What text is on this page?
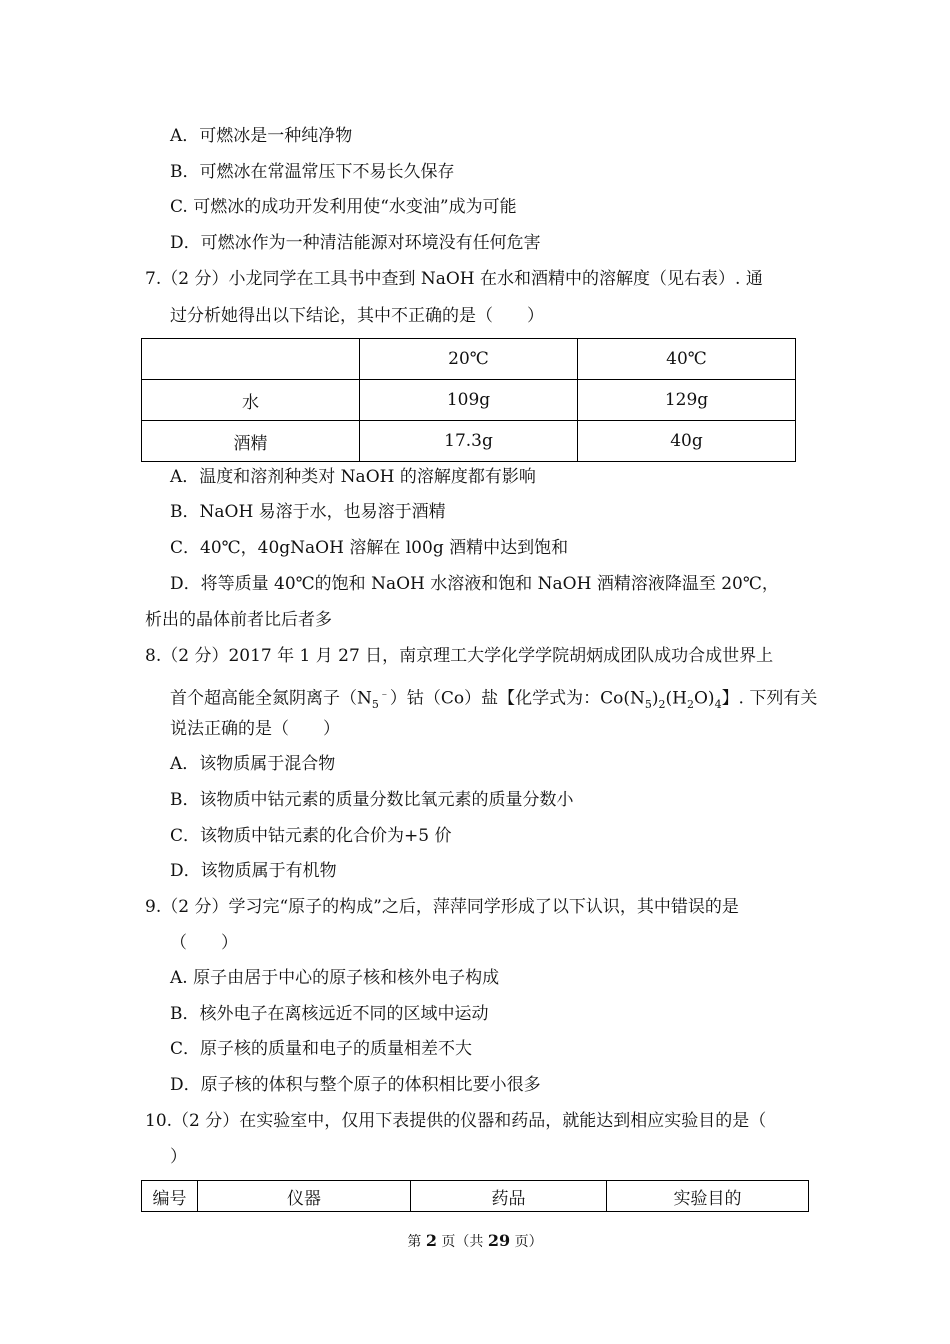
A．可燃冰是一种纯净物
B．可燃冰在常温常压下不易长久保存
C. 可燃冰的成功开发利用使“水变油”成为可能
D．可燃冰作为一种清洁能源对环境没有任何危害
7.（2 分）小龙同学在工具书中查到 NaOH 在水和酒精中的溶解度（见右表）. 通
过分析她得出以下结论，其中不正确的是（　　）
	20℃	40℃
水	109g	129g
酒精	17.3g	40g
A．温度和溶剂种类对 NaOH 的溶解度都有影响
B．NaOH 易溶于水，也易溶于酒精
C．40℃，40gNaOH 溶解在 l00g 酒精中达到饱和
D．将等质量 40℃的饱和 NaOH 水溶液和饱和 NaOH 酒精溶液降温至 20℃，
析出的晶体前者比后者多
8.（2 分）2017 年 1 月 27 日，南京理工大学化学学院胡炳成团队成功合成世界上
首个超高能全氮阴离子$(N_5^﹣)$钴（Co）盐【化学式为：$Co(N_5)_2(H_2O)_4$】. 下列有关
说法正确的是（　　）
A．该物质属于混合物
B．该物质中钴元素的质量分数比氧元素的质量分数小
C．该物质中钴元素的化合价为+5 价
D．该物质属于有机物
9.（2 分）学习完“原子的构成”之后，萍萍同学形成了以下认识，其中错误的是
（　　）
A. 原子由居于中心的原子核和核外电子构成
B．核外电子在离核远近不同的区域中运动
C．原子核的质量和电子的质量相差不大
D．原子核的体积与整个原子的体积相比要小很多
10.（2 分）在实验室中，仅用下表提供的仪器和药品，就能达到相应实验目的是（
）
编号	仪器	药品	实验目的
第 2 页（共 29 页）
